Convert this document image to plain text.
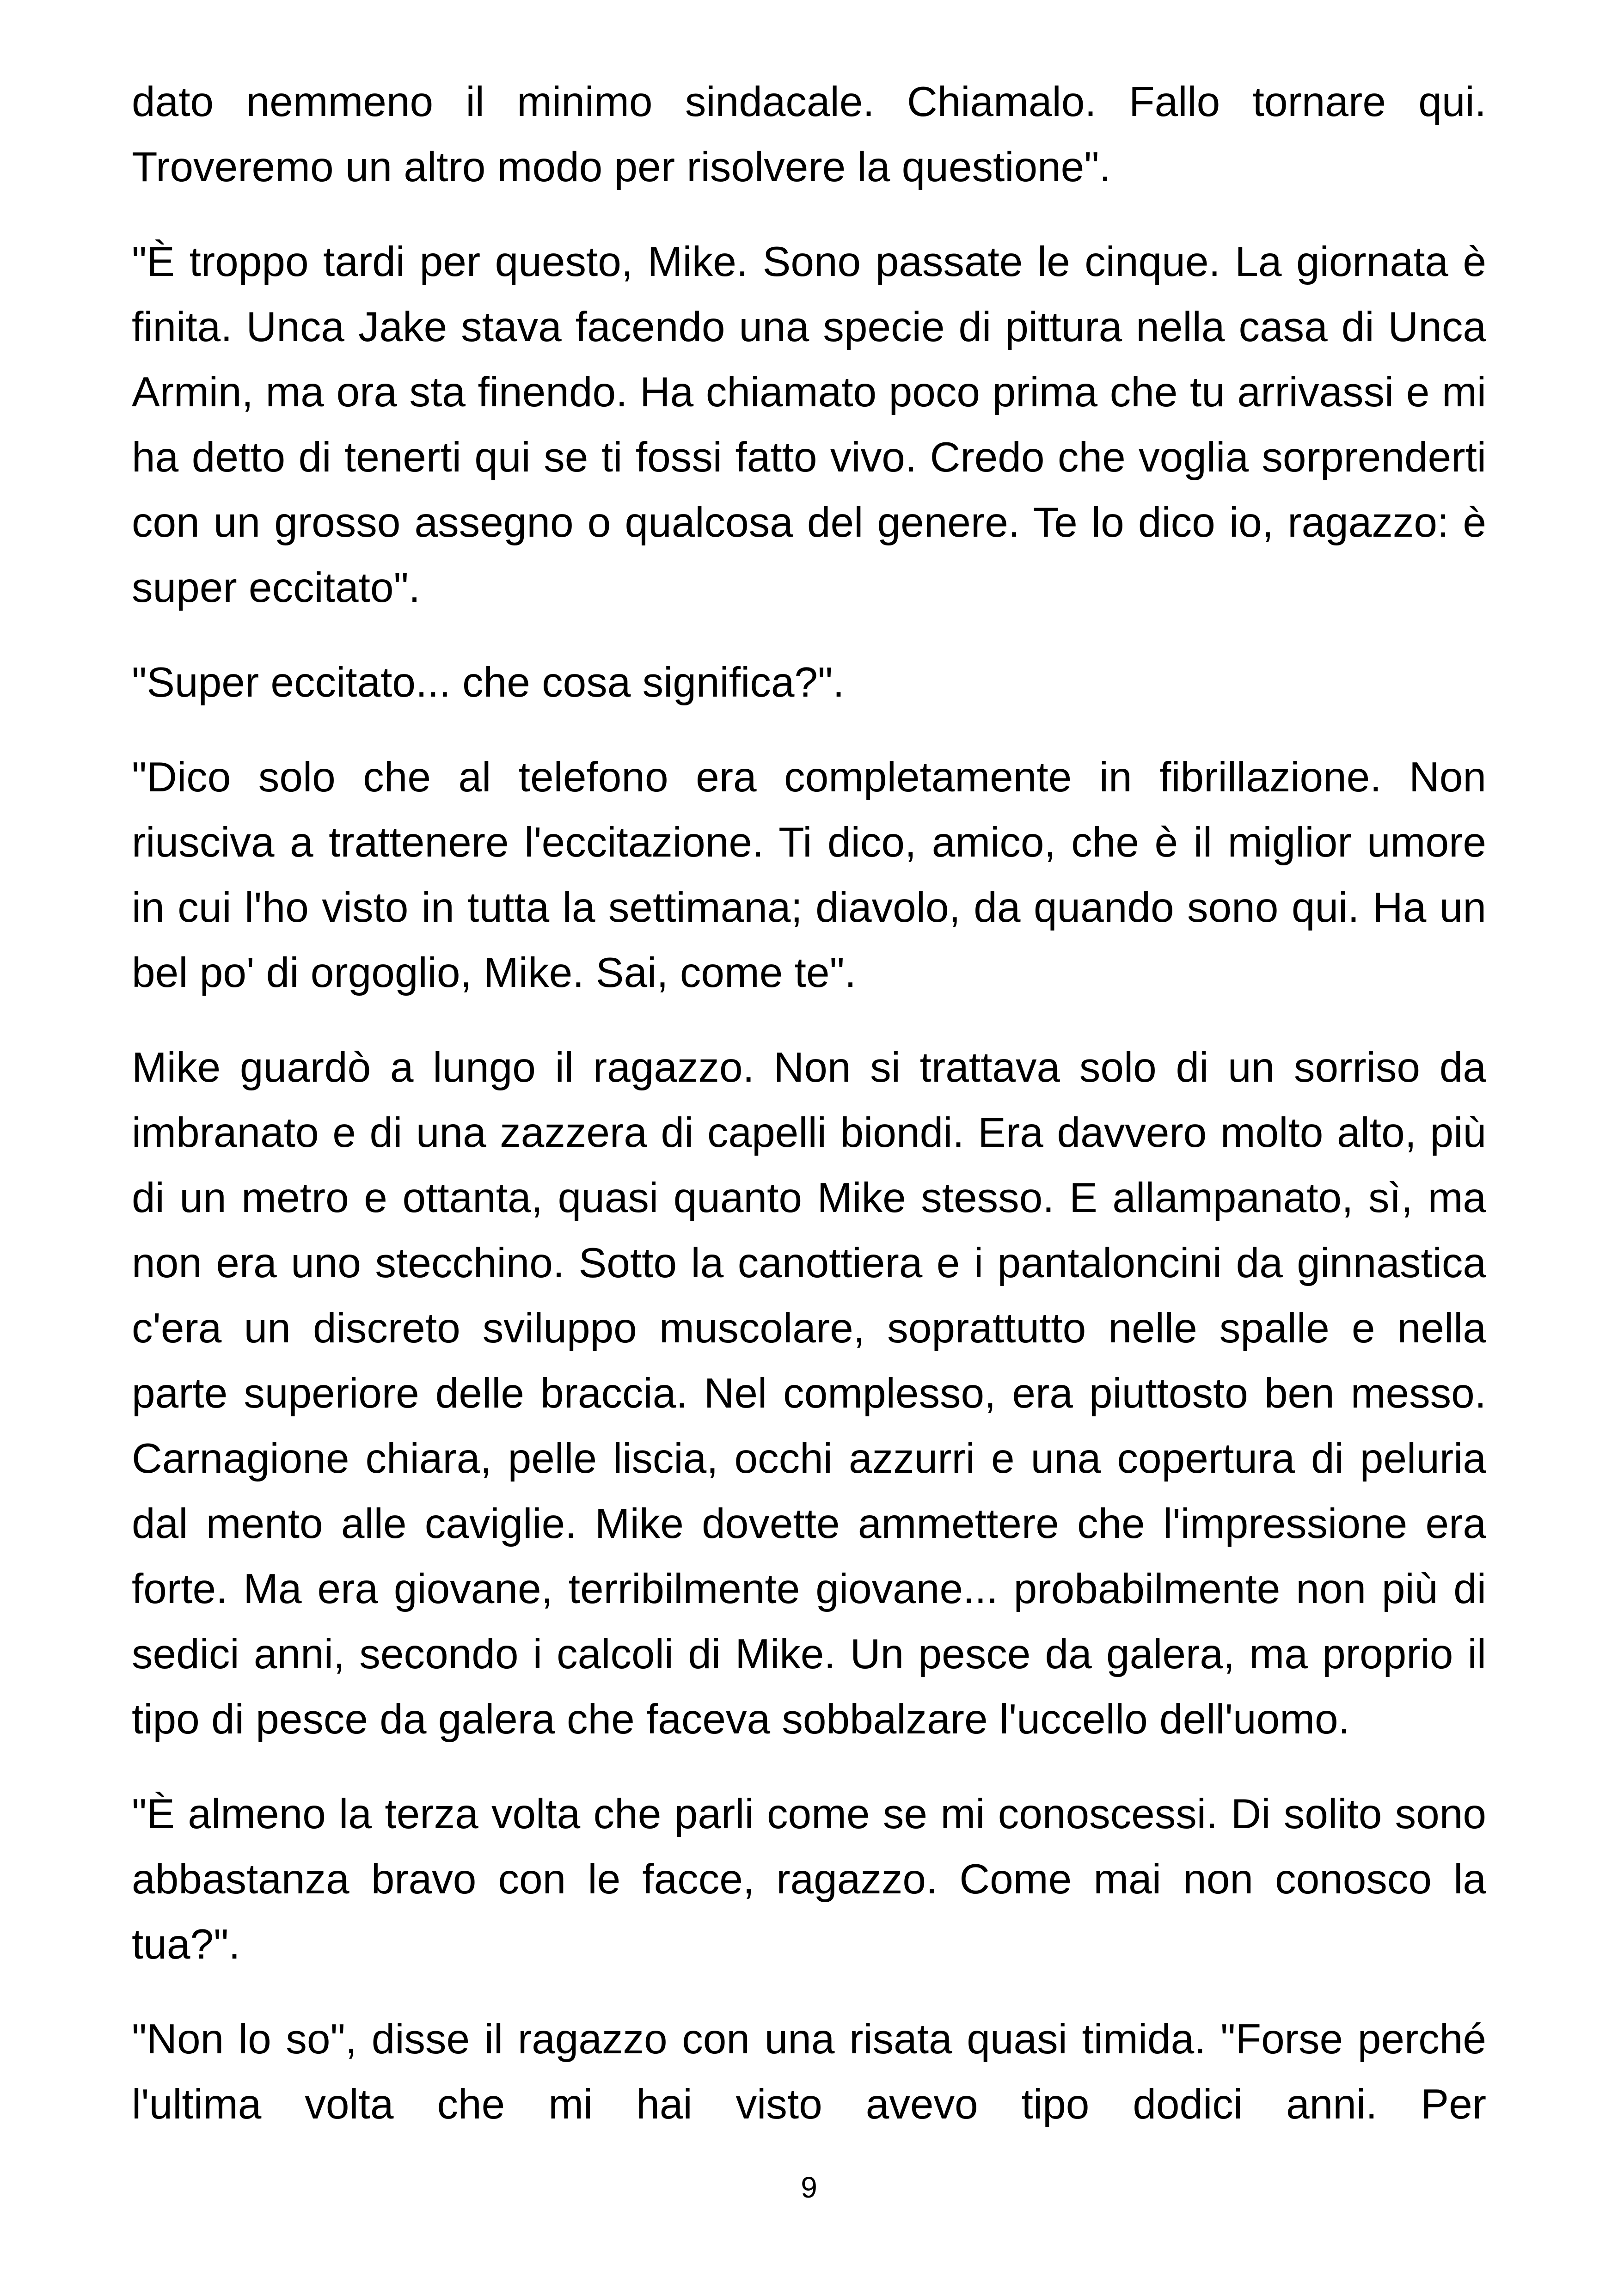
dato nemmeno il minimo sindacale. Chiamalo. Fallo tornare qui. Troveremo un altro modo per risolvere la questione".

"È troppo tardi per questo, Mike. Sono passate le cinque. La giornata è finita. Unca Jake stava facendo una specie di pittura nella casa di Unca Armin, ma ora sta finendo. Ha chiamato poco prima che tu arrivassi e mi ha detto di tenerti qui se ti fossi fatto vivo. Credo che voglia sorprenderti con un grosso assegno o qualcosa del genere. Te lo dico io, ragazzo: è super eccitato".

"Super eccitato... che cosa significa?".

"Dico solo che al telefono era completamente in fibrillazione. Non riusciva a trattenere l'eccitazione. Ti dico, amico, che è il miglior umore in cui l'ho visto in tutta la settimana; diavolo, da quando sono qui. Ha un bel po' di orgoglio, Mike. Sai, come te".

Mike guardò a lungo il ragazzo. Non si trattava solo di un sorriso da imbranato e di una zazzera di capelli biondi. Era davvero molto alto, più di un metro e ottanta, quasi quanto Mike stesso. E allampanato, sì, ma non era uno stecchino. Sotto la canottiera e i pantaloncini da ginnastica c'era un discreto sviluppo muscolare, soprattutto nelle spalle e nella parte superiore delle braccia. Nel complesso, era piuttosto ben messo. Carnagione chiara, pelle liscia, occhi azzurri e una copertura di peluria dal mento alle caviglie. Mike dovette ammettere che l'impressione era forte. Ma era giovane, terribilmente giovane... probabilmente non più di sedici anni, secondo i calcoli di Mike. Un pesce da galera, ma proprio il tipo di pesce da galera che faceva sobbalzare l'uccello dell'uomo.

"È almeno la terza volta che parli come se mi conoscessi. Di solito sono abbastanza bravo con le facce, ragazzo. Come mai non conosco la tua?".

"Non lo so", disse il ragazzo con una risata quasi timida. "Forse perché l'ultima volta che mi hai visto avevo tipo dodici anni. Per

9
